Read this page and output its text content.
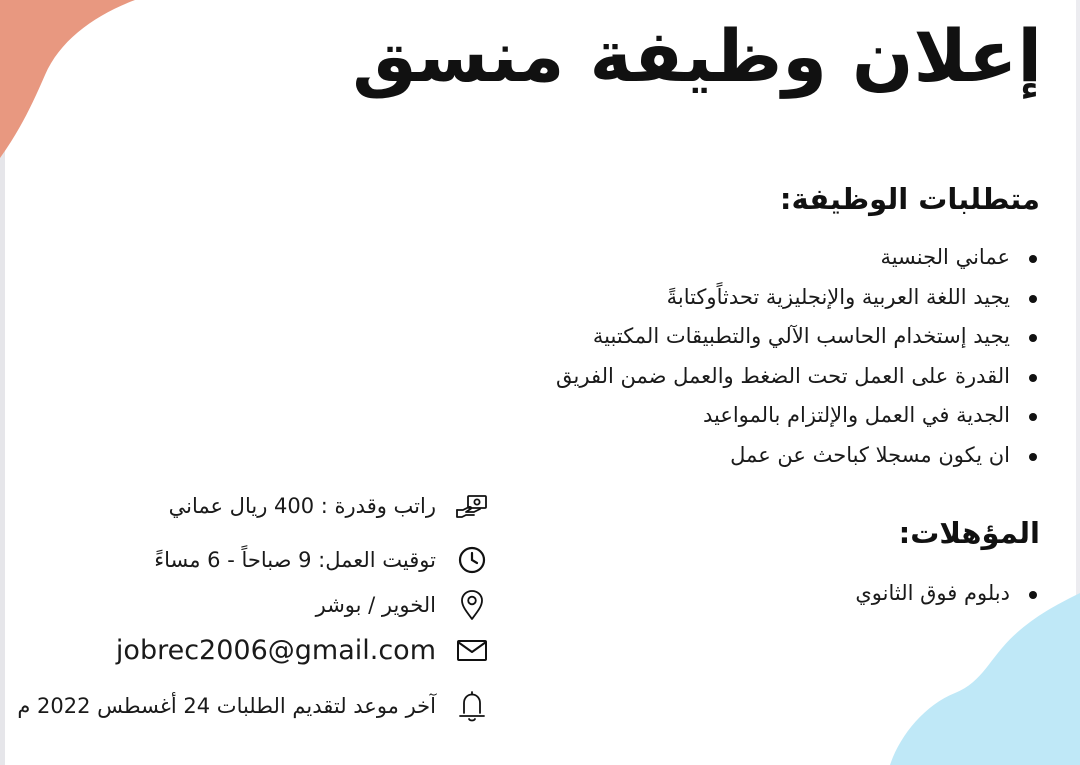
إعلان وظيفة منسق
متطلبات الوظيفة:
عماني الجنسية
يجيد اللغة العربية والإنجليزية تحدثاًوكتابةً
يجيد إستخدام الحاسب الآلي والتطبيقات المكتبية
القدرة على العمل تحت الضغط والعمل ضمن الفريق
الجدية في العمل والإلتزام بالمواعيد
ان يكون مسجلا كباحث عن عمل
المؤهلات:
دبلوم فوق الثانوي
راتب وقدرة : 400 ريال عماني
توقيت العمل: 9 صباحاً - 6 مساءً
الخوير / بوشر
jobrec2006@gmail.com
آخر موعد لتقديم الطلبات 24 أغسطس 2022 م
